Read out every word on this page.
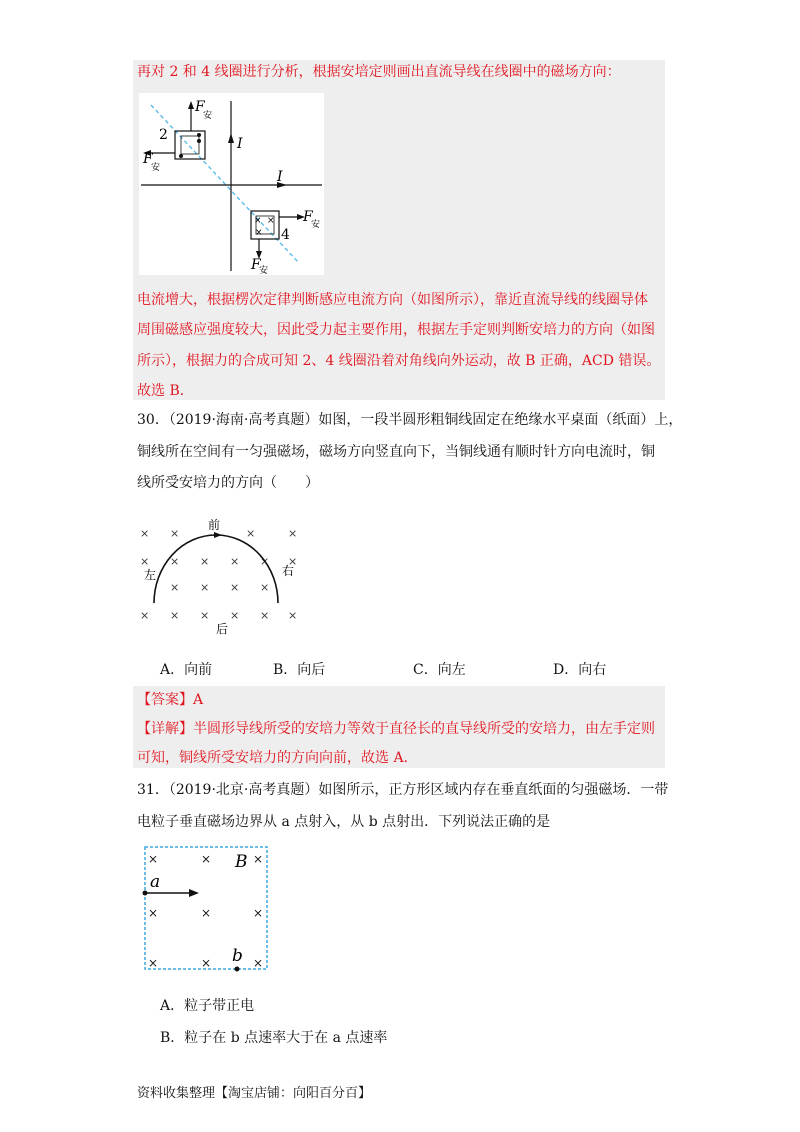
再对 2 和 4 线圈进行分析，根据安培定则画出直流导线在线圈中的磁场方向：
I
I
2
F
安
F
安
× ×
× 4
F
安
F
安
电流增大，根据楞次定律判断感应电流方向（如图所示），靠近直流导线的线圈导体
周围磁感应强度较大，因此受力起主要作用，根据左手定则判断安培力的方向（如图
所示），根据力的合成可知 2、4 线圈沿着对角线向外运动，故 B 正确，ACD 错误。
故选 B．
30．（2019·海南·高考真题）如图，一段半圆形粗铜线固定在绝缘水平桌面（纸面）上，
铜线所在空间有一匀强磁场，磁场方向竖直向下，当铜线通有顺时针方向电流时，铜
线所受安培力的方向（　　）
× ×	×	×
× × × × × ×
× × × ×
× × × × × ×
前
左	右
后
A．向前	B．向后	C．向左	D．向右
【答案】A
【详解】半圆形导线所受的安培力等效于直径长的直导线所受的安培力，由左手定则
可知，铜线所受安培力的方向向前，故选 A.
31．（2019·北京·高考真题）如图所示，正方形区域内存在垂直纸面的匀强磁场．一带
电粒子垂直磁场边界从 a 点射入，从 b 点射出．下列说法正确的是
×	×	×
×	×	×
×	×	×
B
a
b
A．粒子带正电
B．粒子在 b 点速率大于在 a 点速率
资料收集整理【淘宝店铺：向阳百分百】
